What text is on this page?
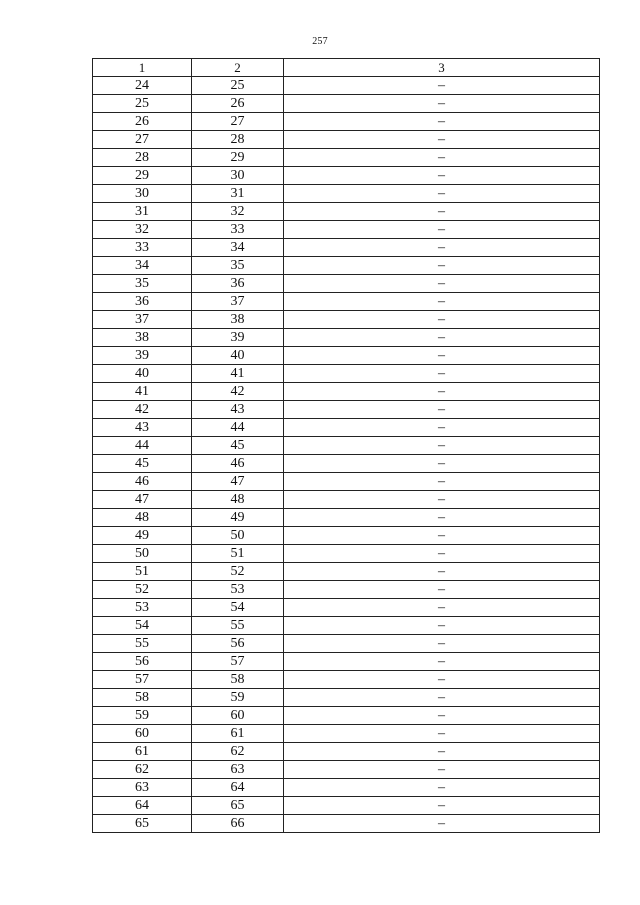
257
1	2	3
24	25	–
25	26	–
26	27	–
27	28	–
28	29	–
29	30	–
30	31	–
31	32	–
32	33	–
33	34	–
34	35	–
35	36	–
36	37	–
37	38	–
38	39	–
39	40	–
40	41	–
41	42	–
42	43	–
43	44	–
44	45	–
45	46	–
46	47	–
47	48	–
48	49	–
49	50	–
50	51	–
51	52	–
52	53	–
53	54	–
54	55	–
55	56	–
56	57	–
57	58	–
58	59	–
59	60	–
60	61	–
61	62	–
62	63	–
63	64	–
64	65	–
65	66	–
